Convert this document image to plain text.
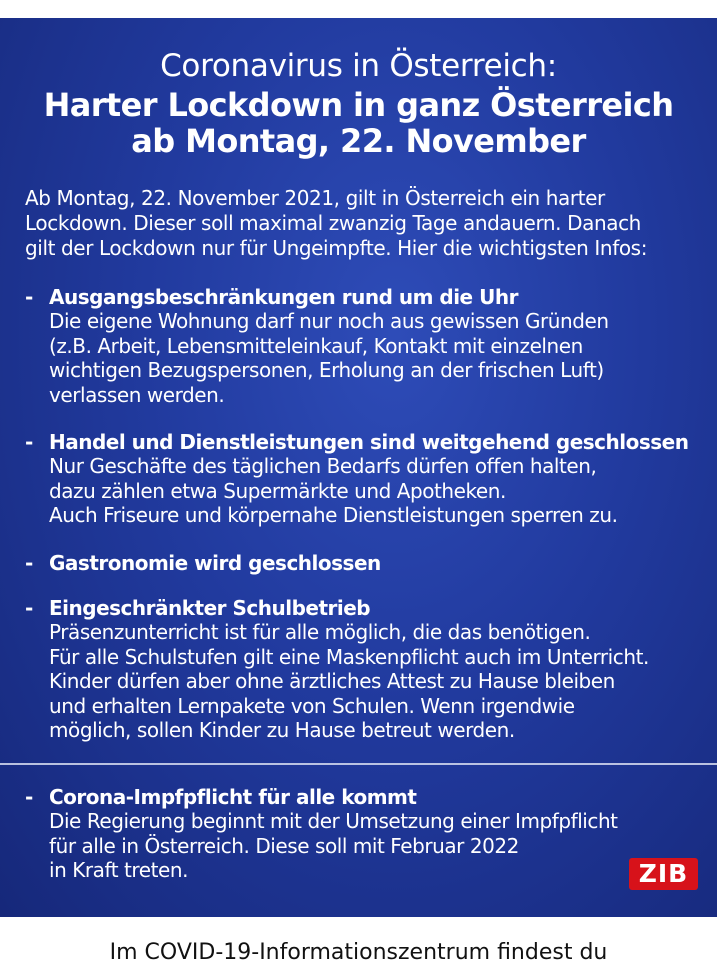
Coronavirus in Österreich:
Harter Lockdown in ganz Österreich
ab Montag, 22. November
Ab Montag, 22. November 2021, gilt in Österreich ein harter
Lockdown. Dieser soll maximal zwanzig Tage andauern. Danach
gilt der Lockdown nur für Ungeimpfte. Hier die wichtigsten Infos:
- Ausgangsbeschränkungen rund um die Uhr
Die eigene Wohnung darf nur noch aus gewissen Gründen
(z.B. Arbeit, Lebensmitteleinkauf, Kontakt mit einzelnen
wichtigen Bezugspersonen, Erholung an der frischen Luft)
verlassen werden.
- Handel und Dienstleistungen sind weitgehend geschlossen
Nur Geschäfte des täglichen Bedarfs dürfen offen halten,
dazu zählen etwa Supermärkte und Apotheken.
Auch Friseure und körpernahe Dienstleistungen sperren zu.
- Gastronomie wird geschlossen
- Eingeschränkter Schulbetrieb
Präsenzunterricht ist für alle möglich, die das benötigen.
Für alle Schulstufen gilt eine Maskenpflicht auch im Unterricht.
Kinder dürfen aber ohne ärztliches Attest zu Hause bleiben
und erhalten Lernpakete von Schulen. Wenn irgendwie
möglich, sollen Kinder zu Hause betreut werden.
- Corona-Impfpflicht für alle kommt
Die Regierung beginnt mit der Umsetzung einer Impfpflicht
für alle in Österreich. Diese soll mit Februar 2022
in Kraft treten.	ZIB
Im COVID-19-Informationszentrum findest du
